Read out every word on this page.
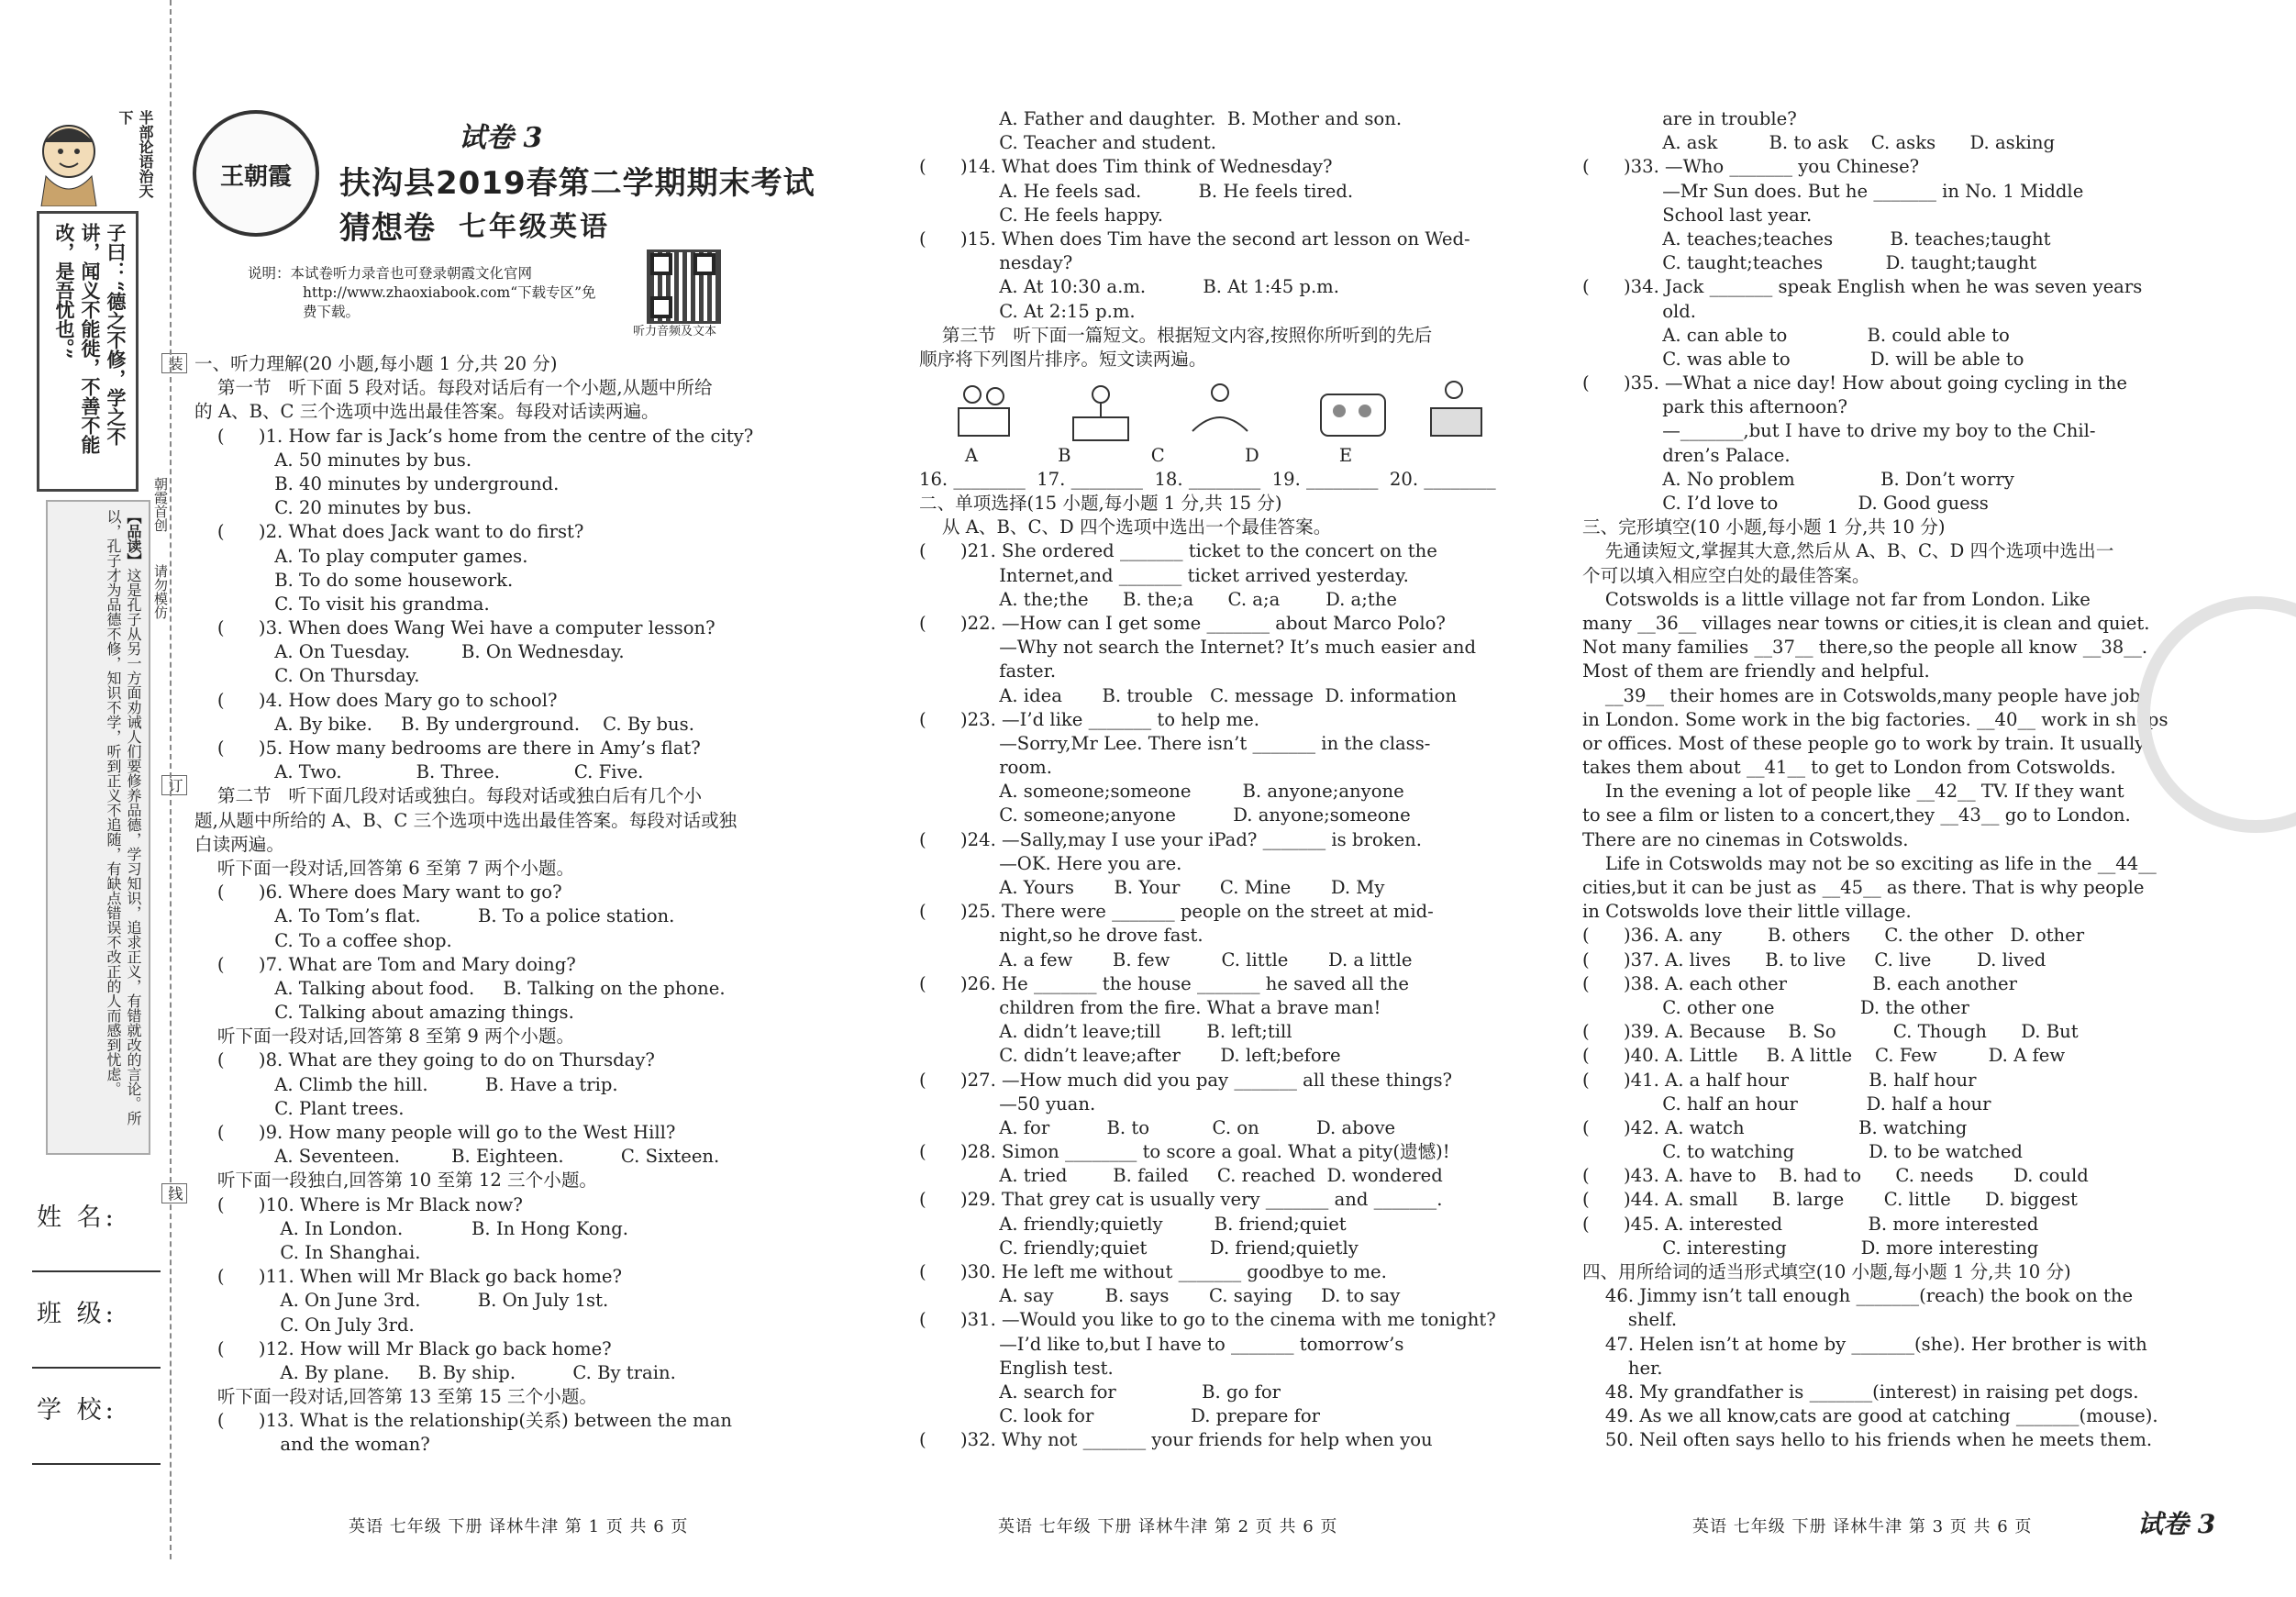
半部论语治天下
子曰：“德之不修，学之不讲，闻义不能徙，不善不能改，是吾忧也。”
【品读】这是孔子从另一方面劝诫人们要修养品德，学习知识，追求正义，有错就改的言论。所以，孔子才为品德不修，知识不学，听到正义不追随，有缺点错误不改正的人而感到忧虑。
装
朝霞首创
请勿模仿
订
线
姓 名:
班 级:
学 校:
王朝霞
试卷 3
扶沟县2019春第二学期期末考试猜想卷 七年级英语
说明：本试卷听力录音也可登录朝霞文化官网
http://www.zhaoxiabook.com“下载专区”免
费下载。
听力音频及文本
一、听力理解(20 小题,每小题 1 分,共 20 分)
第一节   听下面 5 段对话。每段对话后有一个小题,从题中所给
的 A、B、C 三个选项中选出最佳答案。每段对话读两遍。
(      )1. How far is Jack’s home from the centre of the city?
A. 50 minutes by bus.
B. 40 minutes by underground.
C. 20 minutes by bus.
(      )2. What does Jack want to do first?
A. To play computer games.
B. To do some housework.
C. To visit his grandma.
(      )3. When does Wang Wei have a computer lesson?
A. On Tuesday.         B. On Wednesday.
C. On Thursday.
(      )4. How does Mary go to school?
A. By bike.     B. By underground.    C. By bus.
(      )5. How many bedrooms are there in Amy’s flat?
A. Two.             B. Three.             C. Five.
第二节   听下面几段对话或独白。每段对话或独白后有几个小
题,从题中所给的 A、B、C 三个选项中选出最佳答案。每段对话或独
白读两遍。
听下面一段对话,回答第 6 至第 7 两个小题。
(      )6. Where does Mary want to go?
A. To Tom’s flat.          B. To a police station.
C. To a coffee shop.
(      )7. What are Tom and Mary doing?
A. Talking about food.     B. Talking on the phone.
C. Talking about amazing things.
听下面一段对话,回答第 8 至第 9 两个小题。
(      )8. What are they going to do on Thursday?
A. Climb the hill.          B. Have a trip.
C. Plant trees.
(      )9. How many people will go to the West Hill?
A. Seventeen.         B. Eighteen.          C. Sixteen.
听下面一段独白,回答第 10 至第 12 三个小题。
(      )10. Where is Mr Black now?
A. In London.            B. In Hong Kong.
C. In Shanghai.
(      )11. When will Mr Black go back home?
A. On June 3rd.          B. On July 1st.
C. On July 3rd.
(      )12. How will Mr Black go back home?
A. By plane.     B. By ship.          C. By train.
听下面一段对话,回答第 13 至第 15 三个小题。
(      )13. What is the relationship(关系) between the man
and the woman?
A. Father and daughter.  B. Mother and son.
C. Teacher and student.
(      )14. What does Tim think of Wednesday?
A. He feels sad.          B. He feels tired.
C. He feels happy.
(      )15. When does Tim have the second art lesson on Wed-
nesday?
A. At 10:30 a.m.          B. At 1:45 p.m.
C. At 2:15 p.m.
第三节   听下面一篇短文。根据短文内容,按照你所听到的先后
顺序将下列图片排序。短文读两遍。
A              B              C              D              E
16. ________  17. ________  18. ________  19. ________  20. ________
二、单项选择(15 小题,每小题 1 分,共 15 分)
从 A、B、C、D 四个选项中选出一个最佳答案。
(      )21. She ordered _______ ticket to the concert on the
Internet,and _______ ticket arrived yesterday.
A. the;the      B. the;a      C. a;a        D. a;the
(      )22. —How can I get some _______ about Marco Polo?
—Why not search the Internet? It’s much easier and
faster.
A. idea       B. trouble   C. message  D. information
(      )23. —I’d like _______ to help me.
—Sorry,Mr Lee. There isn’t _______ in the class-
room.
A. someone;someone         B. anyone;anyone
C. someone;anyone          D. anyone;someone
(      )24. —Sally,may I use your iPad? _______ is broken.
—OK. Here you are.
A. Yours       B. Your       C. Mine       D. My
(      )25. There were _______ people on the street at mid-
night,so he drove fast.
A. a few       B. few         C. little       D. a little
(      )26. He _______ the house _______ he saved all the
children from the fire. What a brave man!
A. didn’t leave;till        B. left;till
C. didn’t leave;after       D. left;before
(      )27. —How much did you pay _______ all these things?
—50 yuan.
A. for          B. to           C. on          D. above
(      )28. Simon ________ to score a goal. What a pity(遗憾)!
A. tried        B. failed     C. reached  D. wondered
(      )29. That grey cat is usually very _______ and _______.
A. friendly;quietly         B. friend;quiet
C. friendly;quiet           D. friend;quietly
(      )30. He left me without _______ goodbye to me.
A. say         B. says       C. saying     D. to say
(      )31. —Would you like to go to the cinema with me tonight?
—I’d like to,but I have to _______ tomorrow’s
English test.
A. search for               B. go for
C. look for                 D. prepare for
(      )32. Why not _______ your friends for help when you
are in trouble?
A. ask         B. to ask    C. asks      D. asking
(      )33. —Who _______ you Chinese?
—Mr Sun does. But he _______ in No. 1 Middle
School last year.
A. teaches;teaches          B. teaches;taught
C. taught;teaches           D. taught;taught
(      )34. Jack _______ speak English when he was seven years
old.
A. can able to              B. could able to
C. was able to              D. will be able to
(      )35. —What a nice day! How about going cycling in the
park this afternoon?
—_______,but I have to drive my boy to the Chil-
dren’s Palace.
A. No problem               B. Don’t worry
C. I’d love to              D. Good guess
三、完形填空(10 小题,每小题 1 分,共 10 分)
先通读短文,掌握其大意,然后从 A、B、C、D 四个选项中选出一
个可以填入相应空白处的最佳答案。
Cotswolds is a little village not far from London. Like
many __36__ villages near towns or cities,it is clean and quiet.
Not many families __37__ there,so the people all know __38__.
Most of them are friendly and helpful.
__39__ their homes are in Cotswolds,many people have jobs
in London. Some work in the big factories. __40__ work in shops
or offices. Most of these people go to work by train. It usually
takes them about __41__ to get to London from Cotswolds.
In the evening a lot of people like __42__ TV. If they want
to see a film or listen to a concert,they __43__ go to London.
There are no cinemas in Cotswolds.
Life in Cotswolds may not be so exciting as life in the __44__
cities,but it can be just as __45__ as there. That is why people
in Cotswolds love their little village.
(      )36. A. any        B. others      C. the other   D. other
(      )37. A. lives      B. to live     C. live        D. lived
(      )38. A. each other               B. each another
C. other one               D. the other
(      )39. A. Because    B. So          C. Though      D. But
(      )40. A. Little     B. A little    C. Few         D. A few
(      )41. A. a half hour              B. half hour
C. half an hour            D. half a hour
(      )42. A. watch                    B. watching
C. to watching             D. to be watched
(      )43. A. have to    B. had to      C. needs       D. could
(      )44. A. small      B. large       C. little      D. biggest
(      )45. A. interested               B. more interested
C. interesting             D. more interesting
四、用所给词的适当形式填空(10 小题,每小题 1 分,共 10 分)
46. Jimmy isn’t tall enough _______(reach) the book on the
shelf.
47. Helen isn’t at home by _______(she). Her brother is with
her.
48. My grandfather is _______(interest) in raising pet dogs.
49. As we all know,cats are good at catching _______(mouse).
50. Neil often says hello to his friends when he meets them.
英语 七年级 下册 译林牛津 第 1 页 共 6 页	英语 七年级 下册 译林牛津 第 2 页 共 6 页	英语 七年级 下册 译林牛津 第 3 页 共 6 页	试卷 3
